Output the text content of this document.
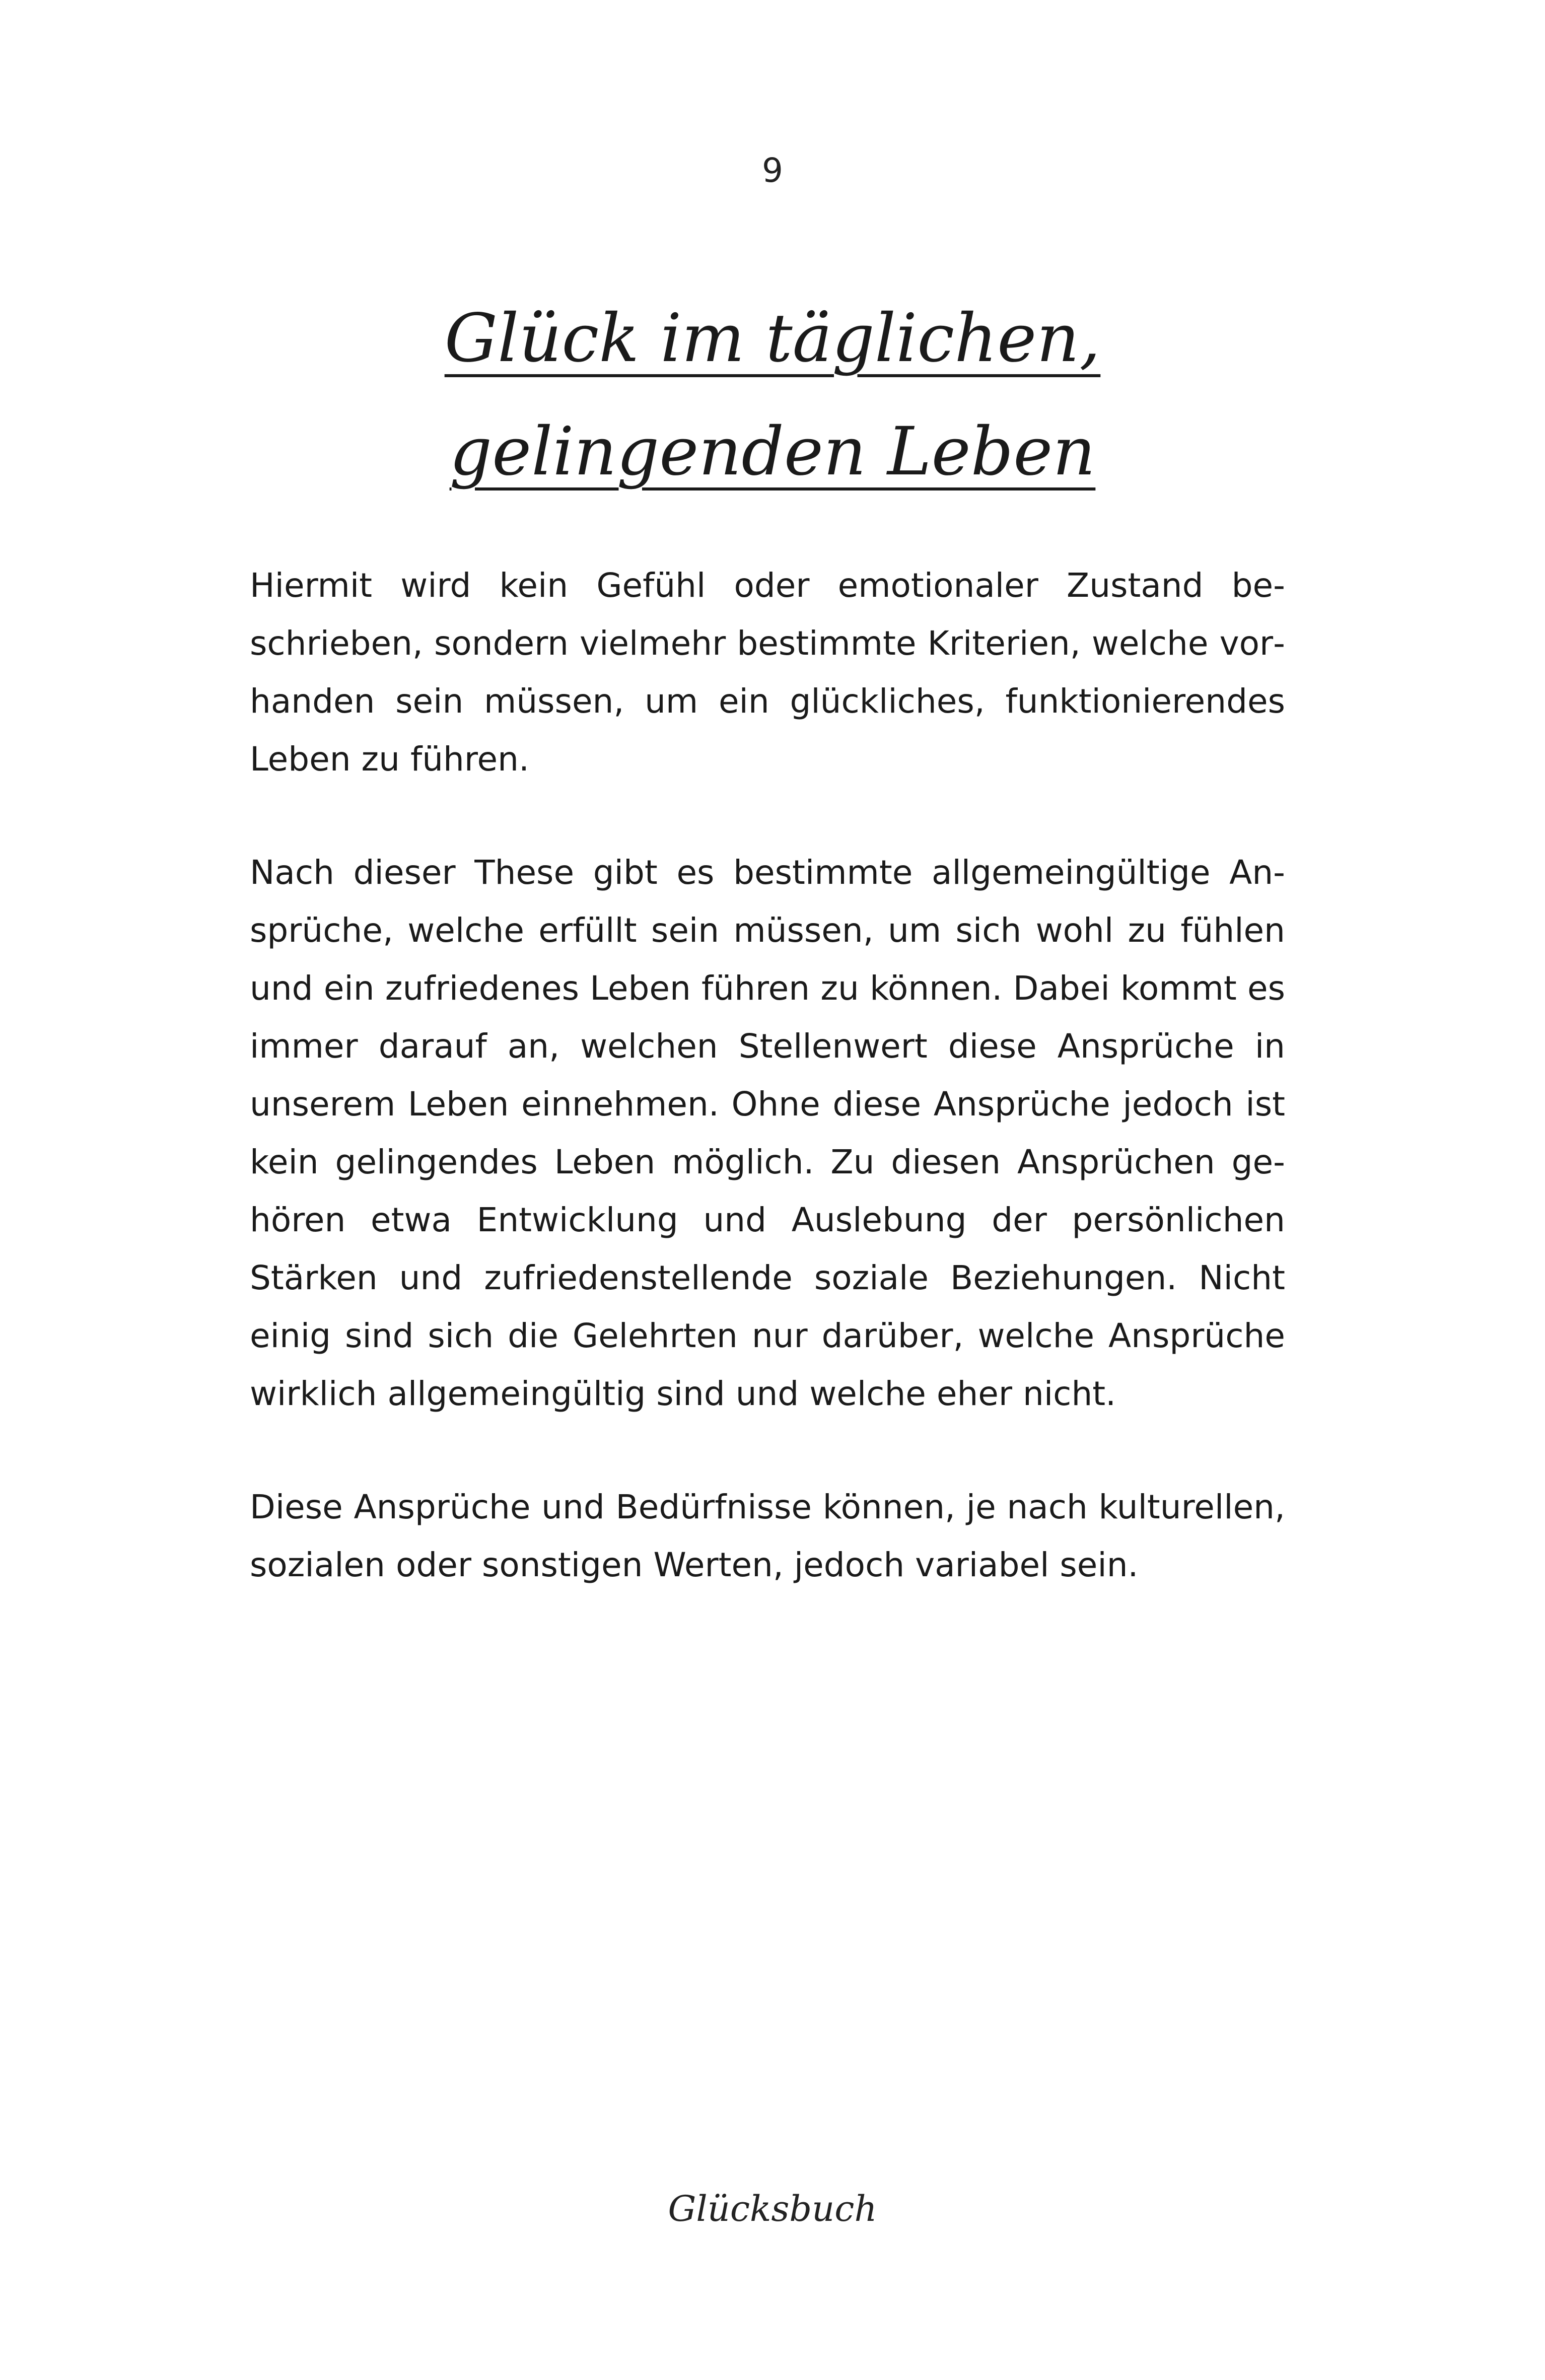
9
Glück im täglichen,
gelingenden Leben

Hiermit wird kein Gefühl oder emotionaler Zustand beschrieben, sondern vielmehr bestimmte Kriterien, welche vorhanden sein müssen, um ein glückliches, funktionierendes Leben zu führen.

Nach dieser These gibt es bestimmte allgemeingültige Ansprüche, welche erfüllt sein müssen, um sich wohl zu fühlen und ein zufriedenes Leben führen zu können. Dabei kommt es immer darauf an, welchen Stellenwert diese Ansprüche in unserem Leben einnehmen. Ohne diese Ansprüche jedoch ist kein gelingendes Leben möglich. Zu diesen Ansprüchen gehören etwa Entwicklung und Auslebung der persönlichen Stärken und zufriedenstellende soziale Beziehungen. Nicht einig sind sich die Gelehrten nur darüber, welche Ansprüche wirklich allgemeingültig sind und welche eher nicht.

Diese Ansprüche und Bedürfnisse können, je nach kulturellen, sozialen oder sonstigen Werten, jedoch variabel sein.

Glücksbuch
